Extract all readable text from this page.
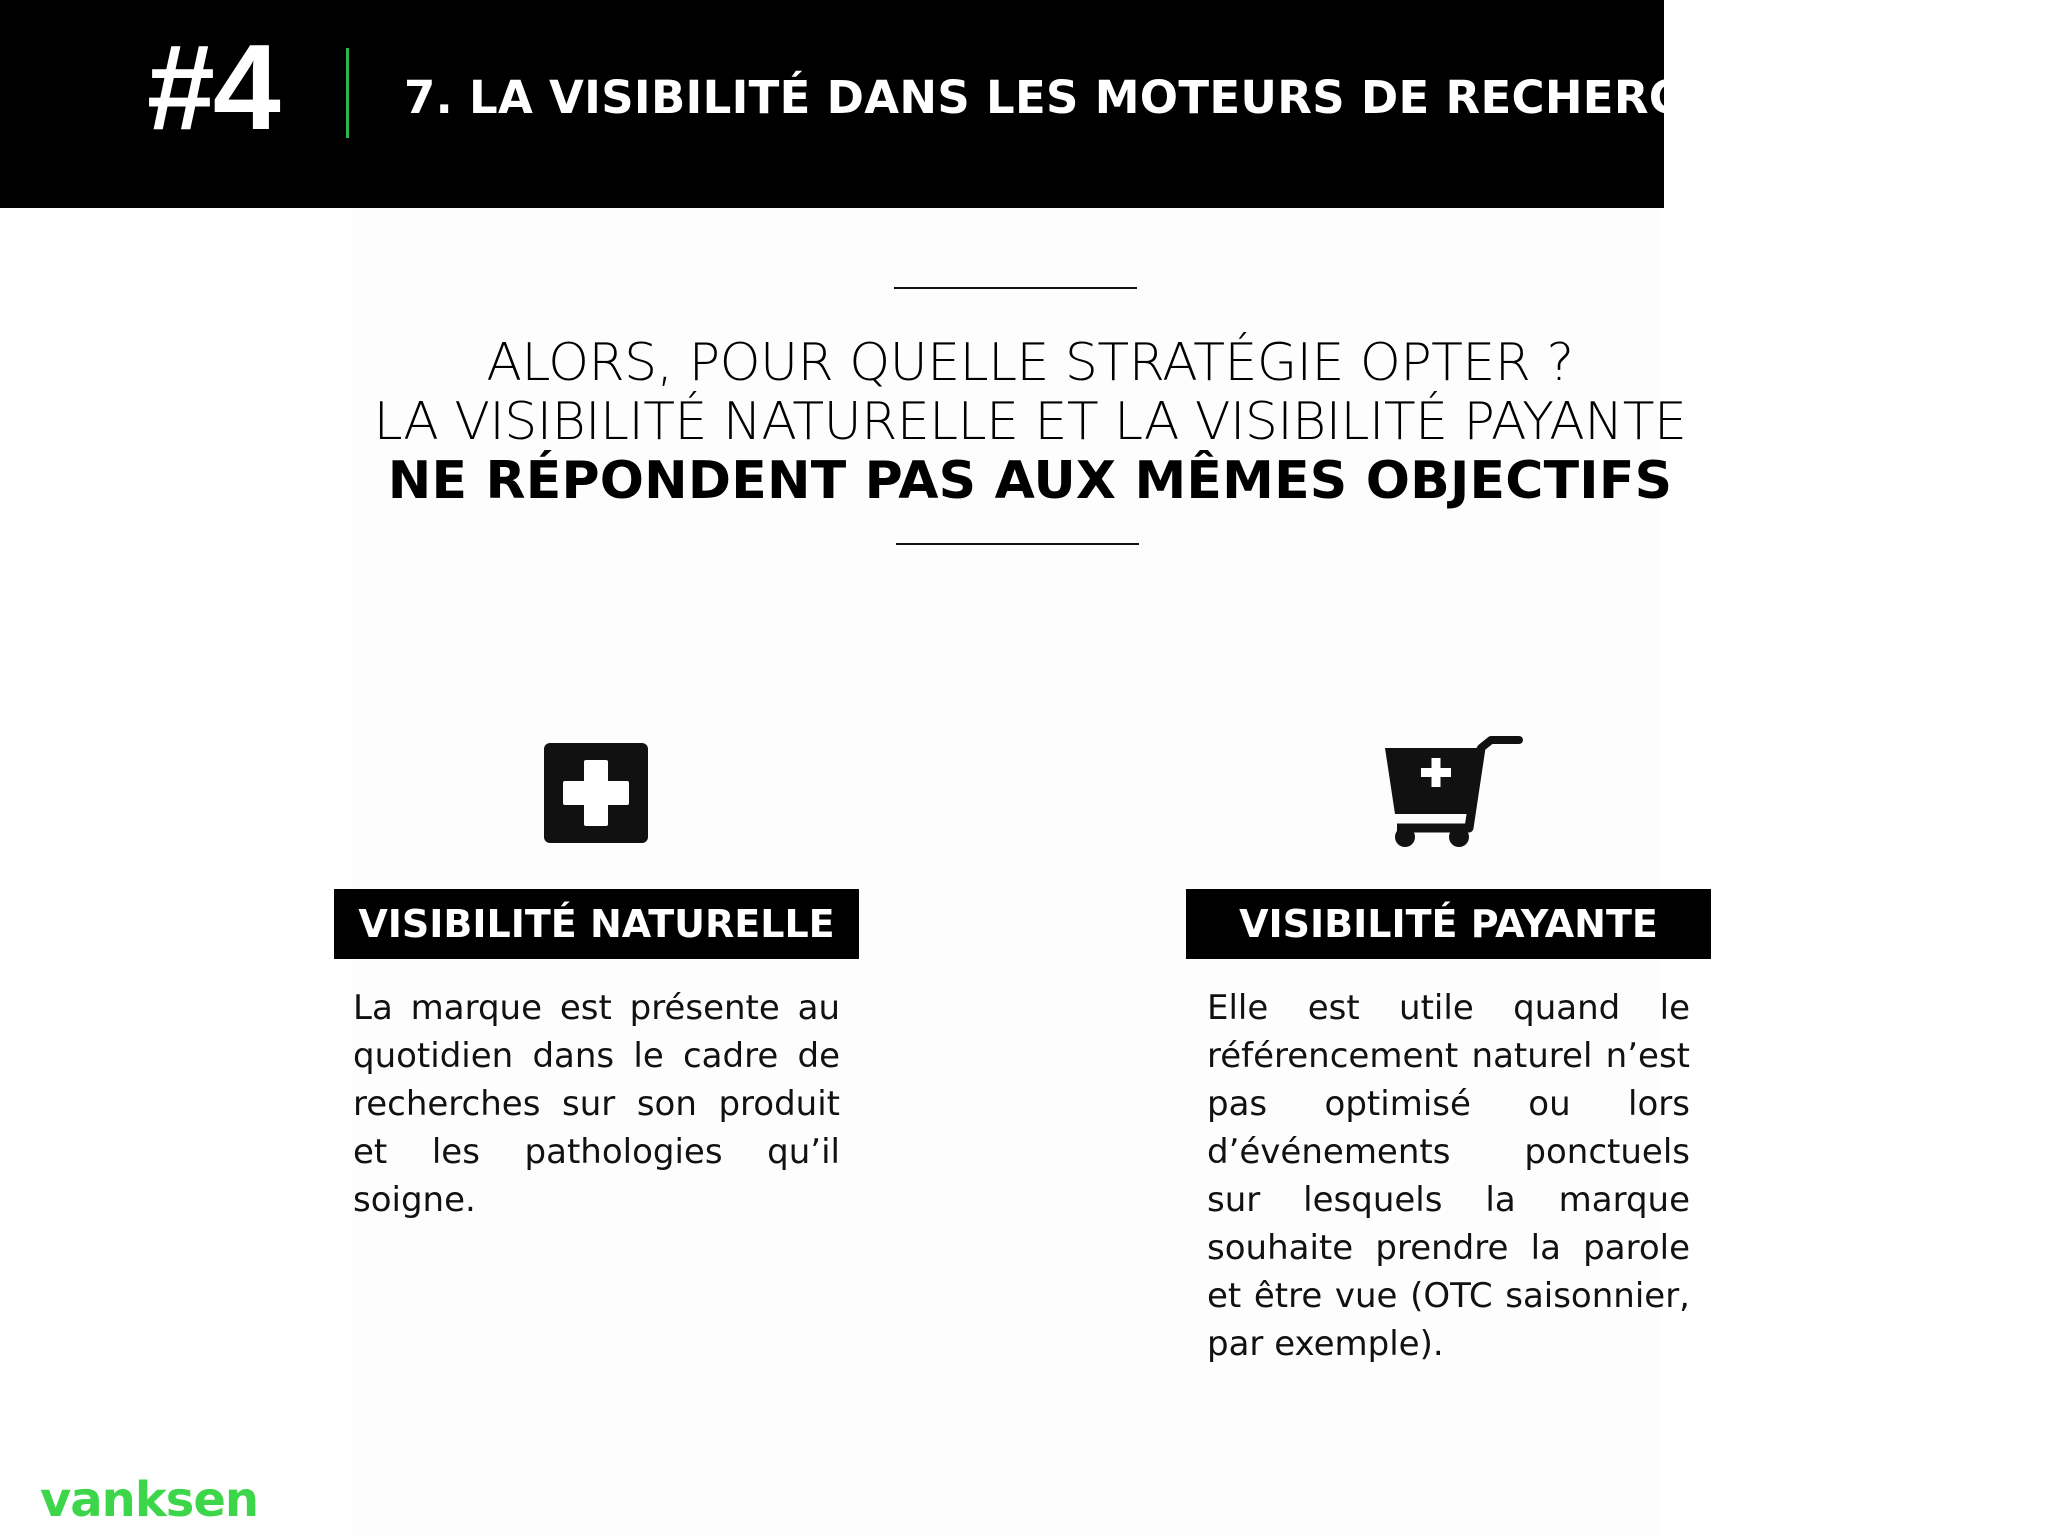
#4	7. LA VISIBILITÉ DANS LES MOTEURS DE RECHERCHE
ALORS, POUR QUELLE STRATÉGIE OPTER ?
LA VISIBILITÉ NATURELLE ET LA VISIBILITÉ PAYANTE
NE RÉPONDENT PAS AUX MÊMES OBJECTIFS
VISIBILITÉ NATURELLE
La marque est présente au quotidien dans le cadre de recherches sur son produit et les pathologies qu’il soigne.
VISIBILITÉ PAYANTE
Elle est utile quand le référencement naturel n’est pas optimisé ou lors d’événements ponctuels sur lesquels la marque souhaite prendre la parole et être vue (OTC saisonnier, par exemple).
vanksen
